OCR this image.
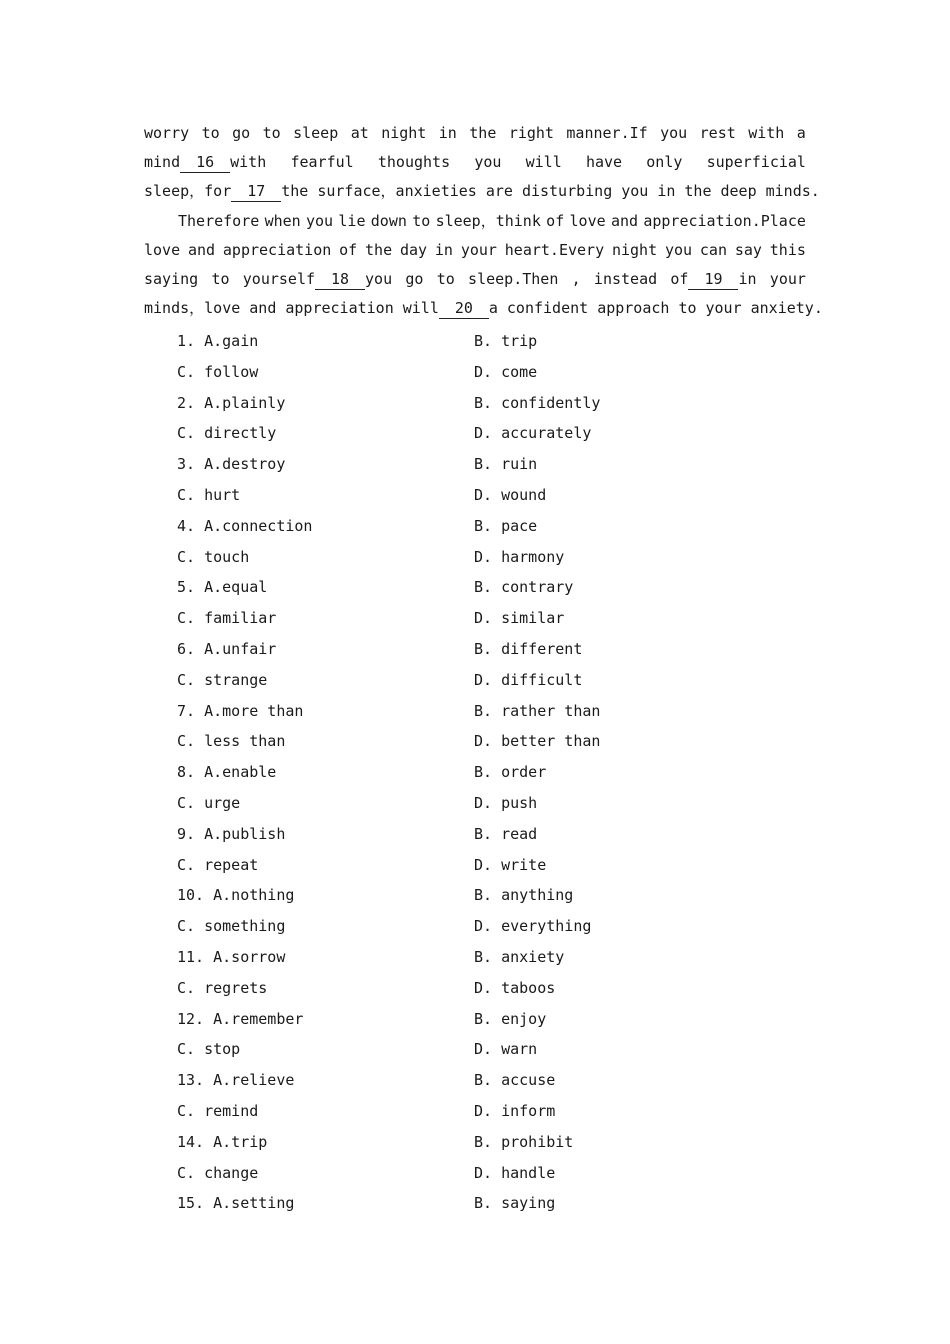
worry to go to sleep at night in the right manner.If you rest with a
mind 16 with fearful thoughts you will have only superficial
sleep，for 17 the surface，anxieties are disturbing you in the deep minds.
Therefore when you lie down to sleep，think of love and appreciation.Place
love and appreciation of the day in your heart.Every night you can say this
saying to yourself 18 you go to sleep.Then , instead of 19 in your
minds，love and appreciation will 20 a confident approach to your anxiety.
1. A.gain	B. trip
C. follow	D. come
2. A.plainly	B. confidently
C. directly	D. accurately
3. A.destroy	B. ruin
C. hurt	D. wound
4. A.connection	B. pace
C. touch	D. harmony
5. A.equal	B. contrary
C. familiar	D. similar
6. A.unfair	B. different
C. strange	D. difficult
7. A.more than	B. rather than
C. less than	D. better than
8. A.enable	B. order
C. urge	D. push
9. A.publish	B. read
C. repeat	D. write
10. A.nothing	B. anything
C. something	D. everything
11. A.sorrow	B. anxiety
C. regrets	D. taboos
12. A.remember	B. enjoy
C. stop	D. warn
13. A.relieve	B. accuse
C. remind	D. inform
14. A.trip	B. prohibit
C. change	D. handle
15. A.setting	B. saying
